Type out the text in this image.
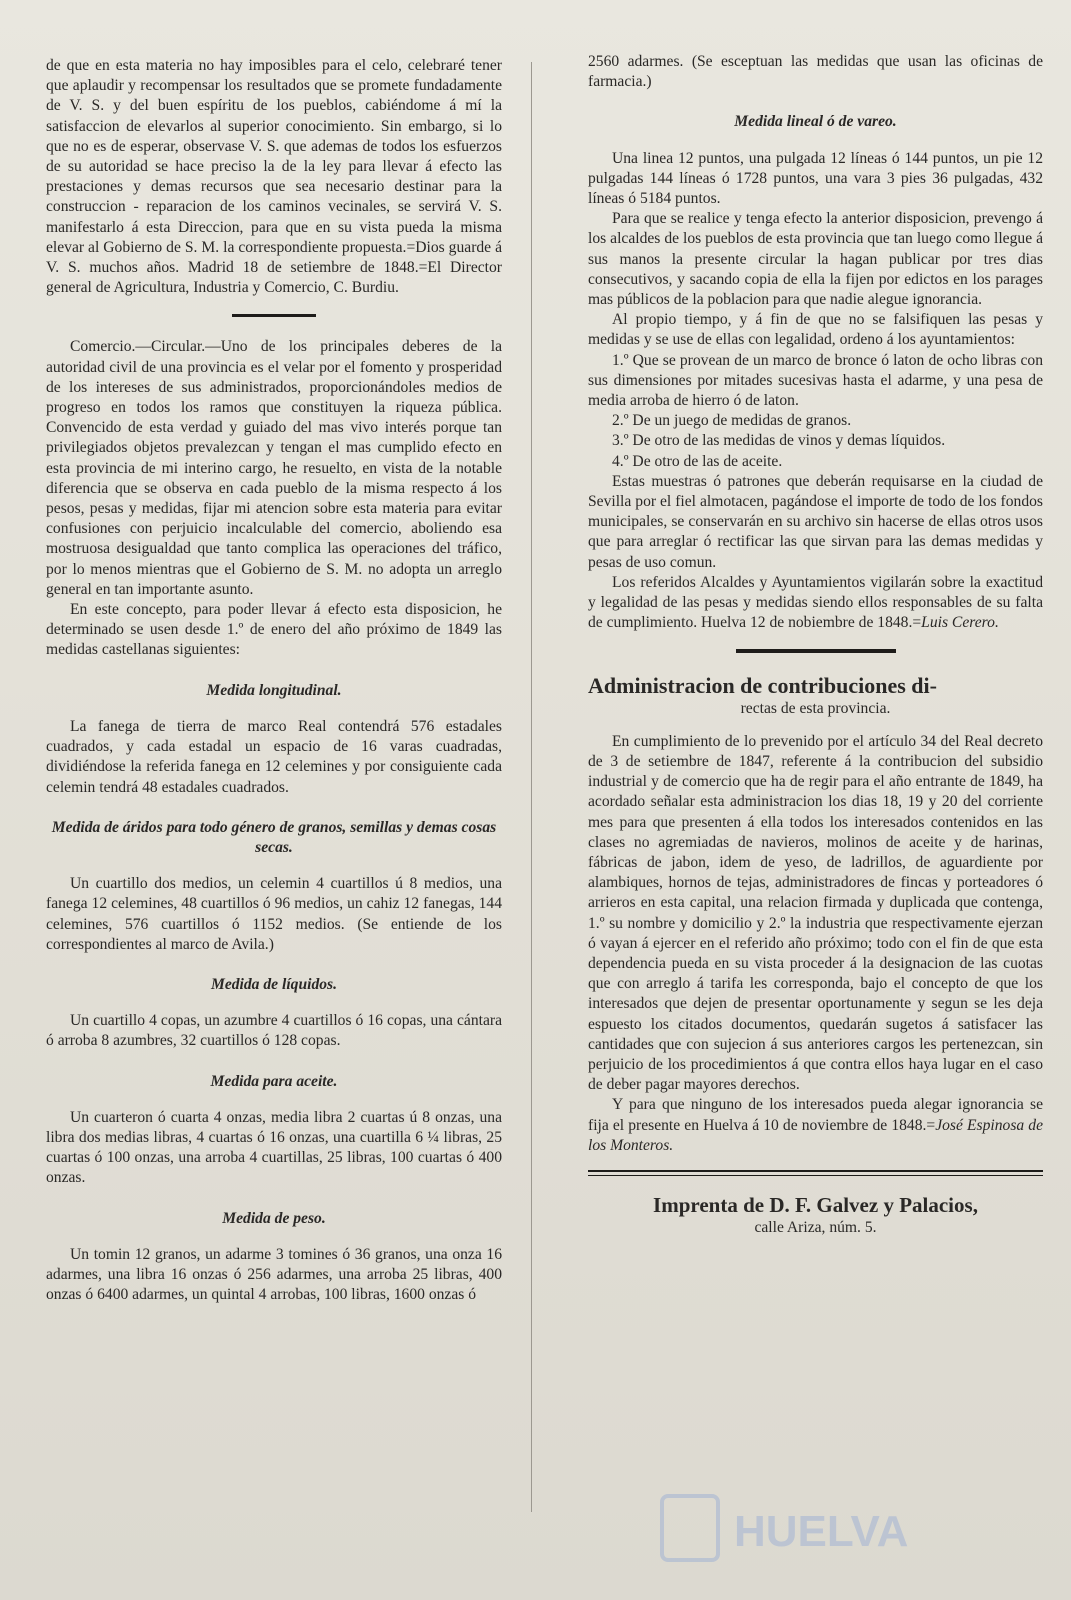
de que en esta materia no hay imposibles para el celo, celebraré tener que aplaudir y recompensar los resultados que se promete fundadamente de V. S. y del buen espíritu de los pueblos, cabiéndome á mí la satisfaccion de elevarlos al superior conocimiento. Sin embargo, si lo que no es de esperar, observase V. S. que ademas de todos los esfuerzos de su autoridad se hace preciso la de la ley para llevar á efecto las prestaciones y demas recursos que sea necesario destinar para la construccion - reparacion de los caminos vecinales, se servirá V. S. manifestarlo á esta Direccion, para que en su vista pueda la misma elevar al Gobierno de S. M. la correspondiente propuesta.=Dios guarde á V. S. muchos años. Madrid 18 de setiembre de 1848.=El Director general de Agricultura, Industria y Comercio, C. Burdiu.

Comercio.—Circular.—Uno de los principales deberes de la autoridad civil de una provincia es el velar por el fomento y prosperidad de los intereses de sus administrados, proporcionándoles medios de progreso en todos los ramos que constituyen la riqueza pública. Convencido de esta verdad y guiado del mas vivo interés porque tan privilegiados objetos prevalezcan y tengan el mas cumplido efecto en esta provincia de mi interino cargo, he resuelto, en vista de la notable diferencia que se observa en cada pueblo de la misma respecto á los pesos, pesas y medidas, fijar mi atencion sobre esta materia para evitar confusiones con perjuicio incalculable del comercio, aboliendo esa mostruosa desigualdad que tanto complica las operaciones del tráfico, por lo menos mientras que el Gobierno de S. M. no adopta un arreglo general en tan importante asunto.

En este concepto, para poder llevar á efecto esta disposicion, he determinado se usen desde 1.º de enero del año próximo de 1849 las medidas castellanas siguientes:

Medida longitudinal.

La fanega de tierra de marco Real contendrá 576 estadales cuadrados, y cada estadal un espacio de 16 varas cuadradas, dividiéndose la referida fanega en 12 celemines y por consiguiente cada celemin tendrá 48 estadales cuadrados.

Medida de áridos para todo género de granos, semillas y demas cosas secas.

Un cuartillo dos medios, un celemin 4 cuartillos ú 8 medios, una fanega 12 celemines, 48 cuartillos ó 96 medios, un cahiz 12 fanegas, 144 celemines, 576 cuartillos ó 1152 medios. (Se entiende de los correspondientes al marco de Avila.)

Medida de líquidos.

Un cuartillo 4 copas, un azumbre 4 cuartillos ó 16 copas, una cántara ó arroba 8 azumbres, 32 cuartillos ó 128 copas.

Medida para aceite.

Un cuarteron ó cuarta 4 onzas, media libra 2 cuartas ú 8 onzas, una libra dos medias libras, 4 cuartas ó 16 onzas, una cuartilla 6 ¼ libras, 25 cuartas ó 100 onzas, una arroba 4 cuartillas, 25 libras, 100 cuartas ó 400 onzas.

Medida de peso.

Un tomin 12 granos, un adarme 3 tomines ó 36 granos, una onza 16 adarmes, una libra 16 onzas ó 256 adarmes, una arroba 25 libras, 400 onzas ó 6400 adarmes, un quintal 4 arrobas, 100 libras, 1600 onzas ó

2560 adarmes. (Se esceptuan las medidas que usan las oficinas de farmacia.)

Medida lineal ó de vareo.

Una linea 12 puntos, una pulgada 12 líneas ó 144 puntos, un pie 12 pulgadas 144 líneas ó 1728 puntos, una vara 3 pies 36 pulgadas, 432 líneas ó 5184 puntos.

Para que se realice y tenga efecto la anterior disposicion, prevengo á los alcaldes de los pueblos de esta provincia que tan luego como llegue á sus manos la presente circular la hagan publicar por tres dias consecutivos, y sacando copia de ella la fijen por edictos en los parages mas públicos de la poblacion para que nadie alegue ignorancia.

Al propio tiempo, y á fin de que no se falsifiquen las pesas y medidas y se use de ellas con legalidad, ordeno á los ayuntamientos:

1.º Que se provean de un marco de bronce ó laton de ocho libras con sus dimensiones por mitades sucesivas hasta el adarme, y una pesa de media arroba de hierro ó de laton.

2.º De un juego de medidas de granos.

3.º De otro de las medidas de vinos y demas líquidos.

4.º De otro de las de aceite.

Estas muestras ó patrones que deberán requisarse en la ciudad de Sevilla por el fiel almotacen, pagándose el importe de todo de los fondos municipales, se conservarán en su archivo sin hacerse de ellas otros usos que para arreglar ó rectificar las que sirvan para las demas medidas y pesas de uso comun.

Los referidos Alcaldes y Ayuntamientos vigilarán sobre la exactitud y legalidad de las pesas y medidas siendo ellos responsables de su falta de cumplimiento. Huelva 12 de nobiembre de 1848.=Luis Cerero.

Administracion de contribuciones di-

rectas de esta provincia.

En cumplimiento de lo prevenido por el artículo 34 del Real decreto de 3 de setiembre de 1847, referente á la contribucion del subsidio industrial y de comercio que ha de regir para el año entrante de 1849, ha acordado señalar esta administracion los dias 18, 19 y 20 del corriente mes para que presenten á ella todos los interesados contenidos en las clases no agremiadas de navieros, molinos de aceite y de harinas, fábricas de jabon, idem de yeso, de ladrillos, de aguardiente por alambiques, hornos de tejas, administradores de fincas y porteadores ó arrieros en esta capital, una relacion firmada y duplicada que contenga, 1.º su nombre y domicilio y 2.º la industria que respectivamente ejerzan ó vayan á ejercer en el referido año próximo; todo con el fin de que esta dependencia pueda en su vista proceder á la designacion de las cuotas que con arreglo á tarifa les corresponda, bajo el concepto de que los interesados que dejen de presentar oportunamente y segun se les deja espuesto los citados documentos, quedarán sugetos á satisfacer las cantidades que con sujecion á sus anteriores cargos les pertenezcan, sin perjuicio de los procedimientos á que contra ellos haya lugar en el caso de deber pagar mayores derechos.

Y para que ninguno de los interesados pueda alegar ignorancia se fija el presente en Huelva á 10 de noviembre de 1848.=José Espinosa de los Monteros.

Imprenta de D. F. Galvez y Palacios,

calle Ariza, núm. 5.

HUELVA
